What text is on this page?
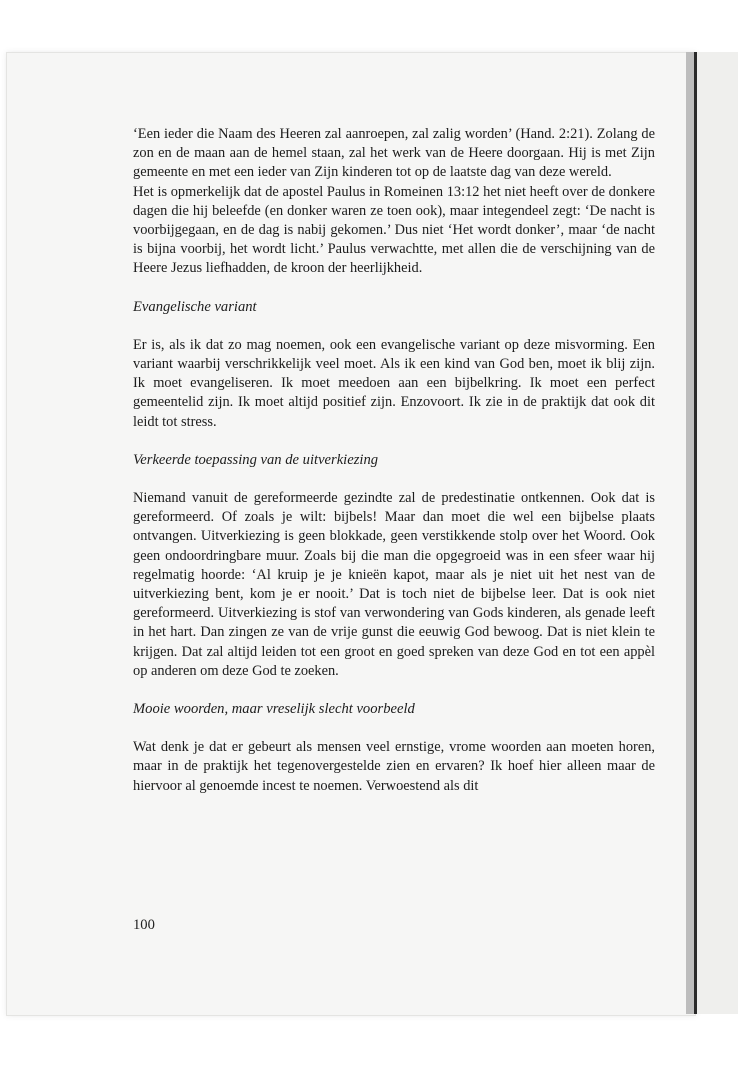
‘Een ieder die Naam des Heeren zal aanroepen, zal zalig worden’ (Hand. 2:21). Zolang de zon en de maan aan de hemel staan, zal het werk van de Heere doorgaan. Hij is met Zijn gemeente en met een ieder van Zijn kinderen tot op de laatste dag van deze wereld.

Het is opmerkelijk dat de apostel Paulus in Romeinen 13:12 het niet heeft over de donkere dagen die hij beleefde (en donker waren ze toen ook), maar integendeel zegt: ‘De nacht is voorbijgegaan, en de dag is nabij gekomen.’ Dus niet ‘Het wordt donker’, maar ‘de nacht is bijna voorbij, het wordt licht.’ Paulus verwachtte, met allen die de verschijning van de Heere Jezus liefhadden, de kroon der heerlijkheid.

Evangelische variant

Er is, als ik dat zo mag noemen, ook een evangelische variant op deze misvorming. Een variant waarbij verschrikkelijk veel moet. Als ik een kind van God ben, moet ik blij zijn. Ik moet evangeliseren. Ik moet meedoen aan een bijbelkring. Ik moet een perfect gemeentelid zijn. Ik moet altijd positief zijn. Enzovoort. Ik zie in de praktijk dat ook dit leidt tot stress.

Verkeerde toepassing van de uitverkiezing

Niemand vanuit de gereformeerde gezindte zal de predestinatie ontkennen. Ook dat is gereformeerd. Of zoals je wilt: bijbels! Maar dan moet die wel een bijbelse plaats ontvangen. Uitverkiezing is geen blokkade, geen verstikkende stolp over het Woord. Ook geen ondoordringbare muur. Zoals bij die man die opgegroeid was in een sfeer waar hij regelmatig hoorde: ‘Al kruip je je knieën kapot, maar als je niet uit het nest van de uitverkiezing bent, kom je er nooit.’ Dat is toch niet de bijbelse leer. Dat is ook niet gereformeerd. Uitverkiezing is stof van verwondering van Gods kinderen, als genade leeft in het hart. Dan zingen ze van de vrije gunst die eeuwig God bewoog. Dat is niet klein te krijgen. Dat zal altijd leiden tot een groot en goed spreken van deze God en tot een appèl op anderen om deze God te zoeken.

Mooie woorden, maar vreselijk slecht voorbeeld

Wat denk je dat er gebeurt als mensen veel ernstige, vrome woorden aan moeten horen, maar in de praktijk het tegenovergestelde zien en ervaren? Ik hoef hier alleen maar de hiervoor al genoemde incest te noemen. Verwoestend als dit

100
